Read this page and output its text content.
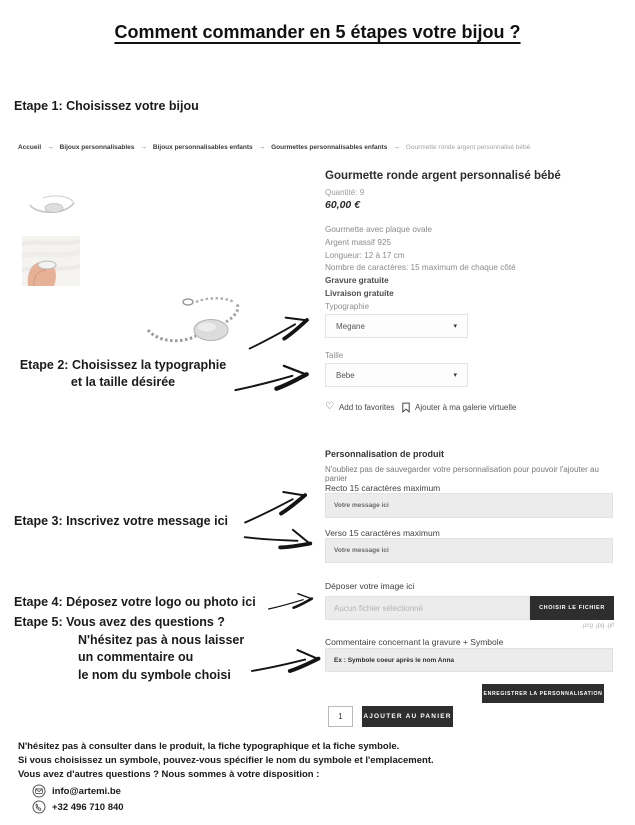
Comment commander en 5 étapes votre bijou ?
Etape 1: Choisissez votre bijou
Accueil → Bijoux personnalisables → Bijoux personnalisables enfants → Gourmettes personnalisables enfants → Gourmette ronde argent personnalisé bébé
Gourmette ronde argent personnalisé bébé
Quantité: 9
60,00 €
Gourmette avec plaque ovale
Argent massif 925
Longueur: 12 à 17 cm
Nombre de caractères: 15 maximum de chaque côté
Gravure gratuite
Livraison gratuite
Typographie
Megane	▾
Taille
Bebe	▾
♡ Add to favorites	Ajouter à ma galerie virtuelle
Etape 2: Choisissez la typographie
et la taille désirée
Personnalisation de produit
N'oubliez pas de sauvegarder votre personnalisation pour pouvoir l'ajouter au panier
Recto 15 caractères maximum
Votre message ici
Verso 15 caractères maximum
Votre message ici
Etape 3: Inscrivez votre message ici
Déposer votre image ici
Aucun fichier sélectionné
CHOISIR LE FICHIER
.png .jpg .gif
Etape 4: Déposez votre logo ou photo ici
Commentaire concernant la gravure + Symbole
Ex : Symbole coeur après le nom Anna
Etape 5: Vous avez des questions ?
N'hésitez pas à nous laisser
un commentaire ou
le nom du symbole choisi
ENREGISTRER LA PERSONNALISATION
1
AJOUTER AU PANIER
N'hésitez pas à consulter dans le produit, la fiche typographique et la fiche symbole.
Si vous choisissez un symbole, pouvez-vous spécifier le nom du symbole et l'emplacement.
Vous avez d'autres questions ? Nous sommes à votre disposition :
info@artemi.be
+32 496 710 840
